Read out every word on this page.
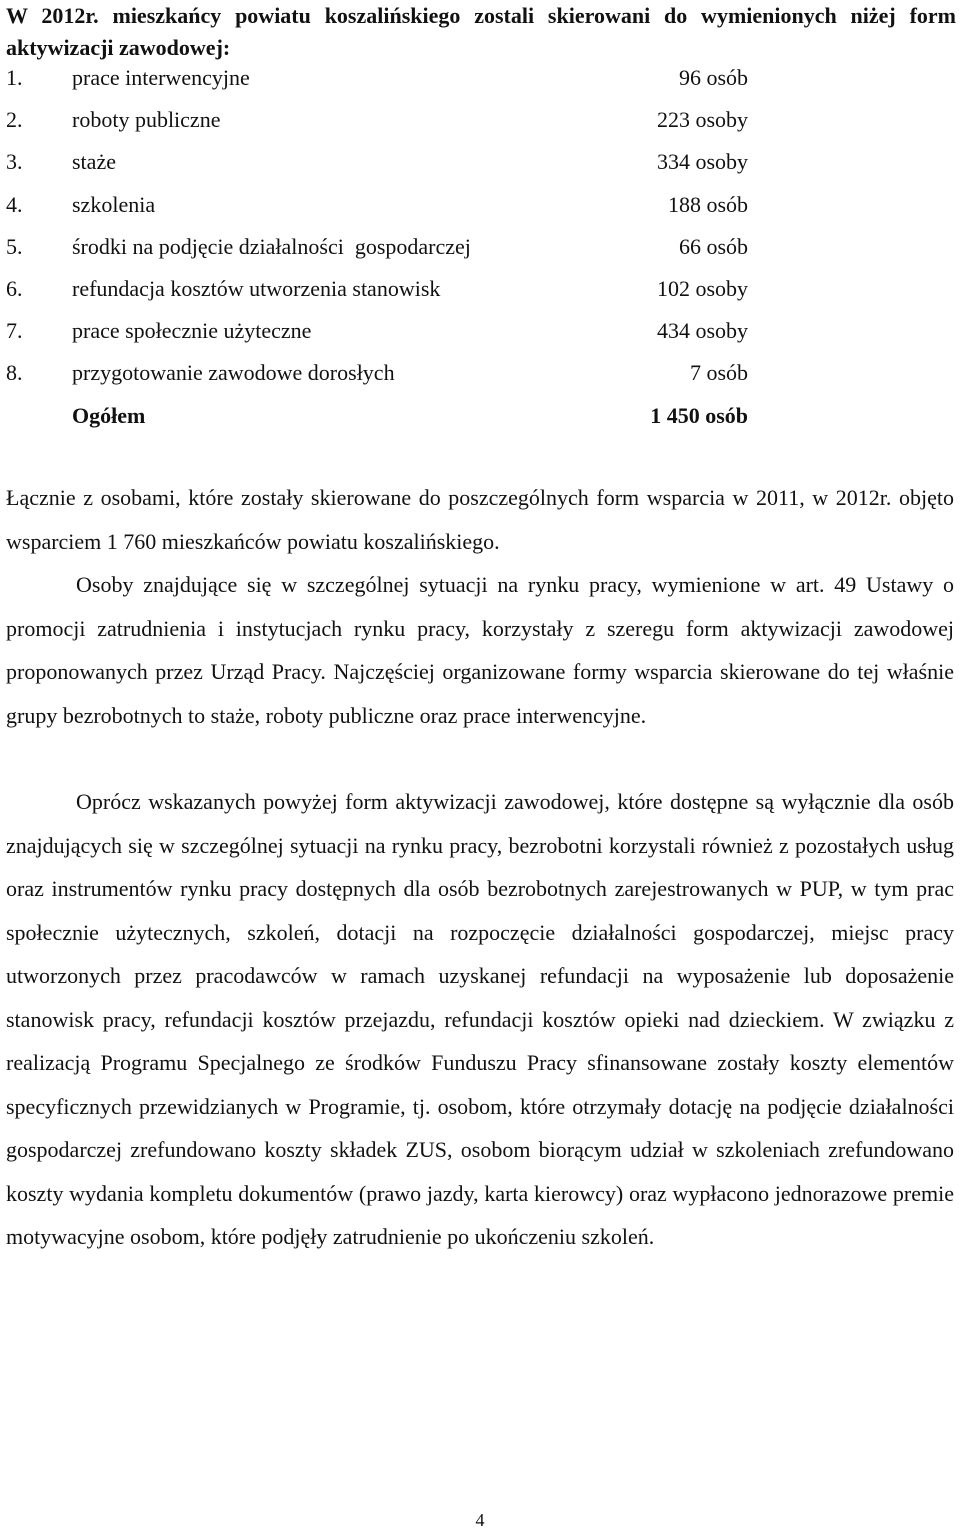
W 2012r. mieszkańcy powiatu koszalińskiego zostali skierowani do wymienionych niżej form aktywizacji zawodowej:

1. prace interwencyjne	96 osób
2. roboty publiczne	223 osoby
3. staże	334 osoby
4. szkolenia	188 osób
5. środki na podjęcie działalności  gospodarczej	66 osób
6. refundacja kosztów utworzenia stanowisk	102 osoby
7. prace społecznie użyteczne	434 osoby
8. przygotowanie zawodowe dorosłych	7 osób
Ogółem	1 450 osób

Łącznie z osobami, które zostały skierowane do poszczególnych form wsparcia w 2011, w 2012r. objęto wsparciem 1 760 mieszkańców powiatu koszalińskiego.

Osoby znajdujące się w szczególnej sytuacji na rynku pracy, wymienione w art. 49 Ustawy o promocji zatrudnienia i instytucjach rynku pracy, korzystały z szeregu form aktywizacji zawodowej proponowanych przez Urząd Pracy. Najczęściej organizowane formy wsparcia skierowane do tej właśnie grupy bezrobotnych to staże, roboty publiczne oraz prace interwencyjne.

Oprócz wskazanych powyżej form aktywizacji zawodowej, które dostępne są wyłącznie dla osób znajdujących się w szczególnej sytuacji na rynku pracy, bezrobotni korzystali również z pozostałych usług oraz instrumentów rynku pracy dostępnych dla osób bezrobotnych zarejestrowanych w PUP, w tym prac społecznie użytecznych, szkoleń, dotacji na rozpoczęcie działalności gospodarczej, miejsc pracy utworzonych przez pracodawców w ramach uzyskanej refundacji na wyposażenie lub doposażenie stanowisk pracy, refundacji kosztów przejazdu, refundacji kosztów opieki nad dzieckiem. W związku z realizacją Programu Specjalnego ze środków Funduszu Pracy sfinansowane zostały koszty elementów specyficznych przewidzianych w Programie, tj. osobom, które otrzymały dotację na podjęcie działalności gospodarczej zrefundowano koszty składek ZUS, osobom biorącym udział w szkoleniach zrefundowano koszty wydania kompletu dokumentów (prawo jazdy, karta kierowcy) oraz wypłacono jednorazowe premie motywacyjne osobom, które podjęły zatrudnienie po ukończeniu szkoleń.

4
